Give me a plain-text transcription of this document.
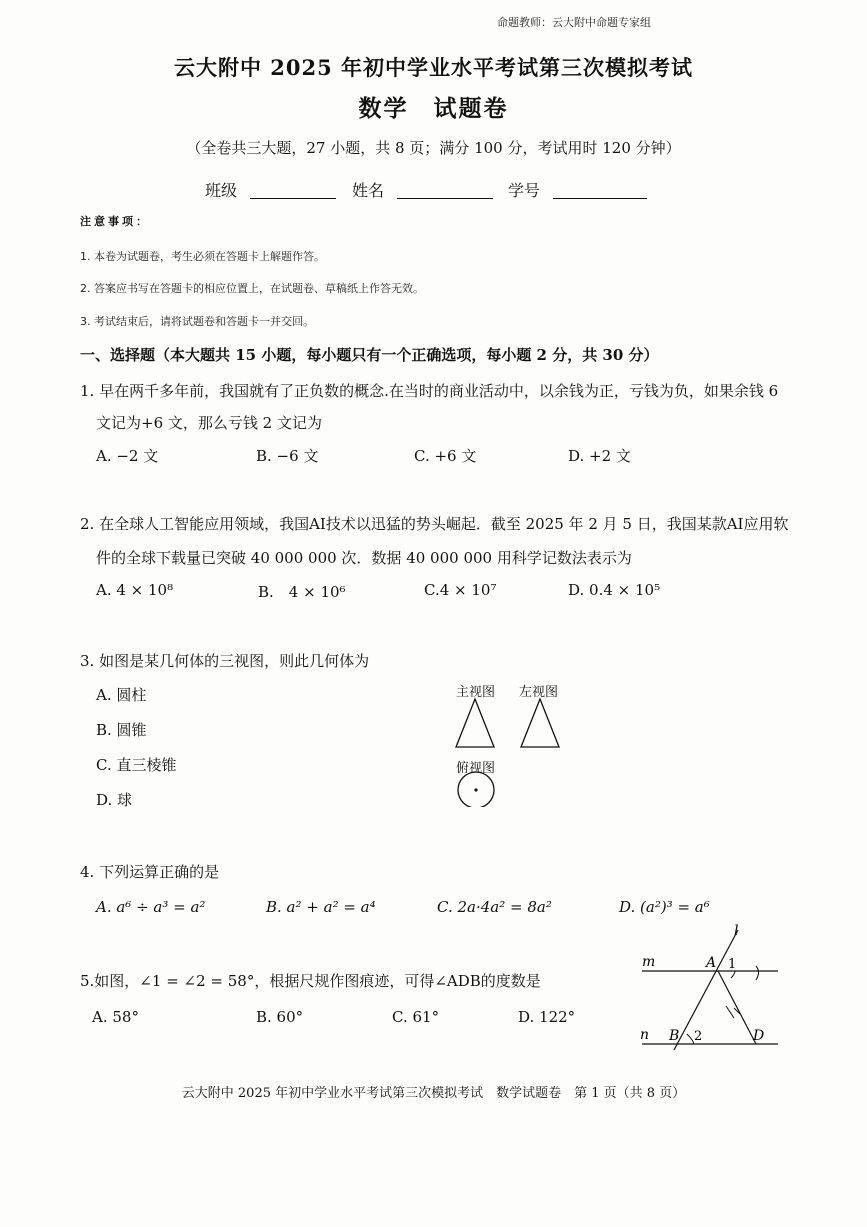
命题教师：云大附中命题专家组
云大附中 2025 年初中学业水平考试第三次模拟考试
数学　试题卷
（全卷共三大题，27 小题，共 8 页；满分 100 分，考试用时 120 分钟）
班级	姓名	学号
注意事项：
1. 本卷为试题卷，考生必须在答题卡上解题作答。
2. 答案应书写在答题卡的相应位置上，在试题卷、草稿纸上作答无效。
3. 考试结束后，请将试题卷和答题卡一并交回。
一、选择题（本大题共 15 小题，每小题只有一个正确选项，每小题 2 分，共 30 分）
1. 早在两千多年前，我国就有了正负数的概念.在当时的商业活动中，以余钱为正，亏钱为负，如果余钱 6
文记为+6 文，那么亏钱 2 文记为
A. −2 文	B. −6 文	C. +6 文	D. +2 文
2. 在全球人工智能应用领域，我国AI技术以迅猛的势头崛起．截至 2025 年 2 月 5 日，我国某款AI应用软
件的全球下载量已突破 40 000 000 次．数据 40 000 000 用科学记数法表示为
A. 4 × 10⁸	B.　4 × 10⁶	C.4 × 10⁷	D. 0.4 × 10⁵
3. 如图是某几何体的三视图，则此几何体为
A. 圆柱
B. 圆锥
C. 直三棱锥
D. 球
主视图 左视图
俯视图
4. 下列运算正确的是
A. a⁶ ÷ a³ = a²	B. a² + a² = a⁴	C. 2a·4a² = 8a²	D. (a²)³ = a⁶
5.如图，∠1 = ∠2 = 58°，根据尺规作图痕迹，可得∠ADB的度数是
A. 58°	B. 60°	C. 61°	D. 122°
l
m
n
A 1
B 2	D
云大附中 2025 年初中学业水平考试第三次模拟考试　数学试题卷　第 1 页（共 8 页）
